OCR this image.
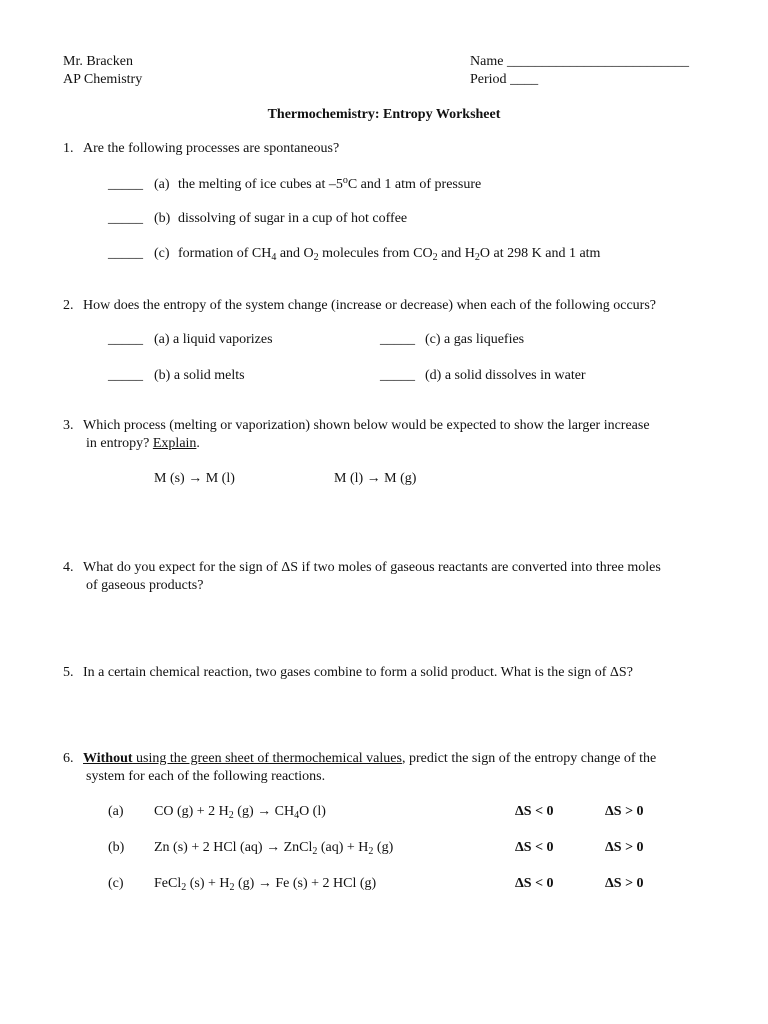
Mr. Bracken
AP Chemistry
Name __________________________
Period ____
Thermochemistry: Entropy Worksheet
1. Are the following processes are spontaneous?
_____ (a) the melting of ice cubes at –5$^o$C and 1 atm of pressure
_____ (b) dissolving of sugar in a cup of hot coffee
_____ (c) formation of $CH_4$ and $O_2$ molecules from $CO_2$ and $H_2O$ at 298 K and 1 atm
2. How does the entropy of the system change (increase or decrease) when each of the following occurs?
_____ (a) a liquid vaporizes	_____ (c) a gas liquefies
_____ (b) a solid melts	_____ (d) a solid dissolves in water
3. Which process (melting or vaporization) shown below would be expected to show the larger increase
in entropy? Explain.
M (s) → M (l)	M (l) → M (g)
4. What do you expect for the sign of ΔS if two moles of gaseous reactants are converted into three moles
of gaseous products?
5. In a certain chemical reaction, two gases combine to form a solid product. What is the sign of ΔS?
6. Without using the green sheet of thermochemical values, predict the sign of the entropy change of the
system for each of the following reactions.
(a) CO (g) + 2 $H_2$ $(g) \to CH_4O$ (l)	ΔS < 0	ΔS > 0
(b) Zn (s) + 2 HCl (aq) → ZnCl$_2$ $(aq) + H_2$ (g)	ΔS < 0	ΔS > 0
(c) FeCl$_2$ $(s) + H_2$ (g) → Fe (s) + 2 HCl (g)	ΔS < 0	ΔS > 0
